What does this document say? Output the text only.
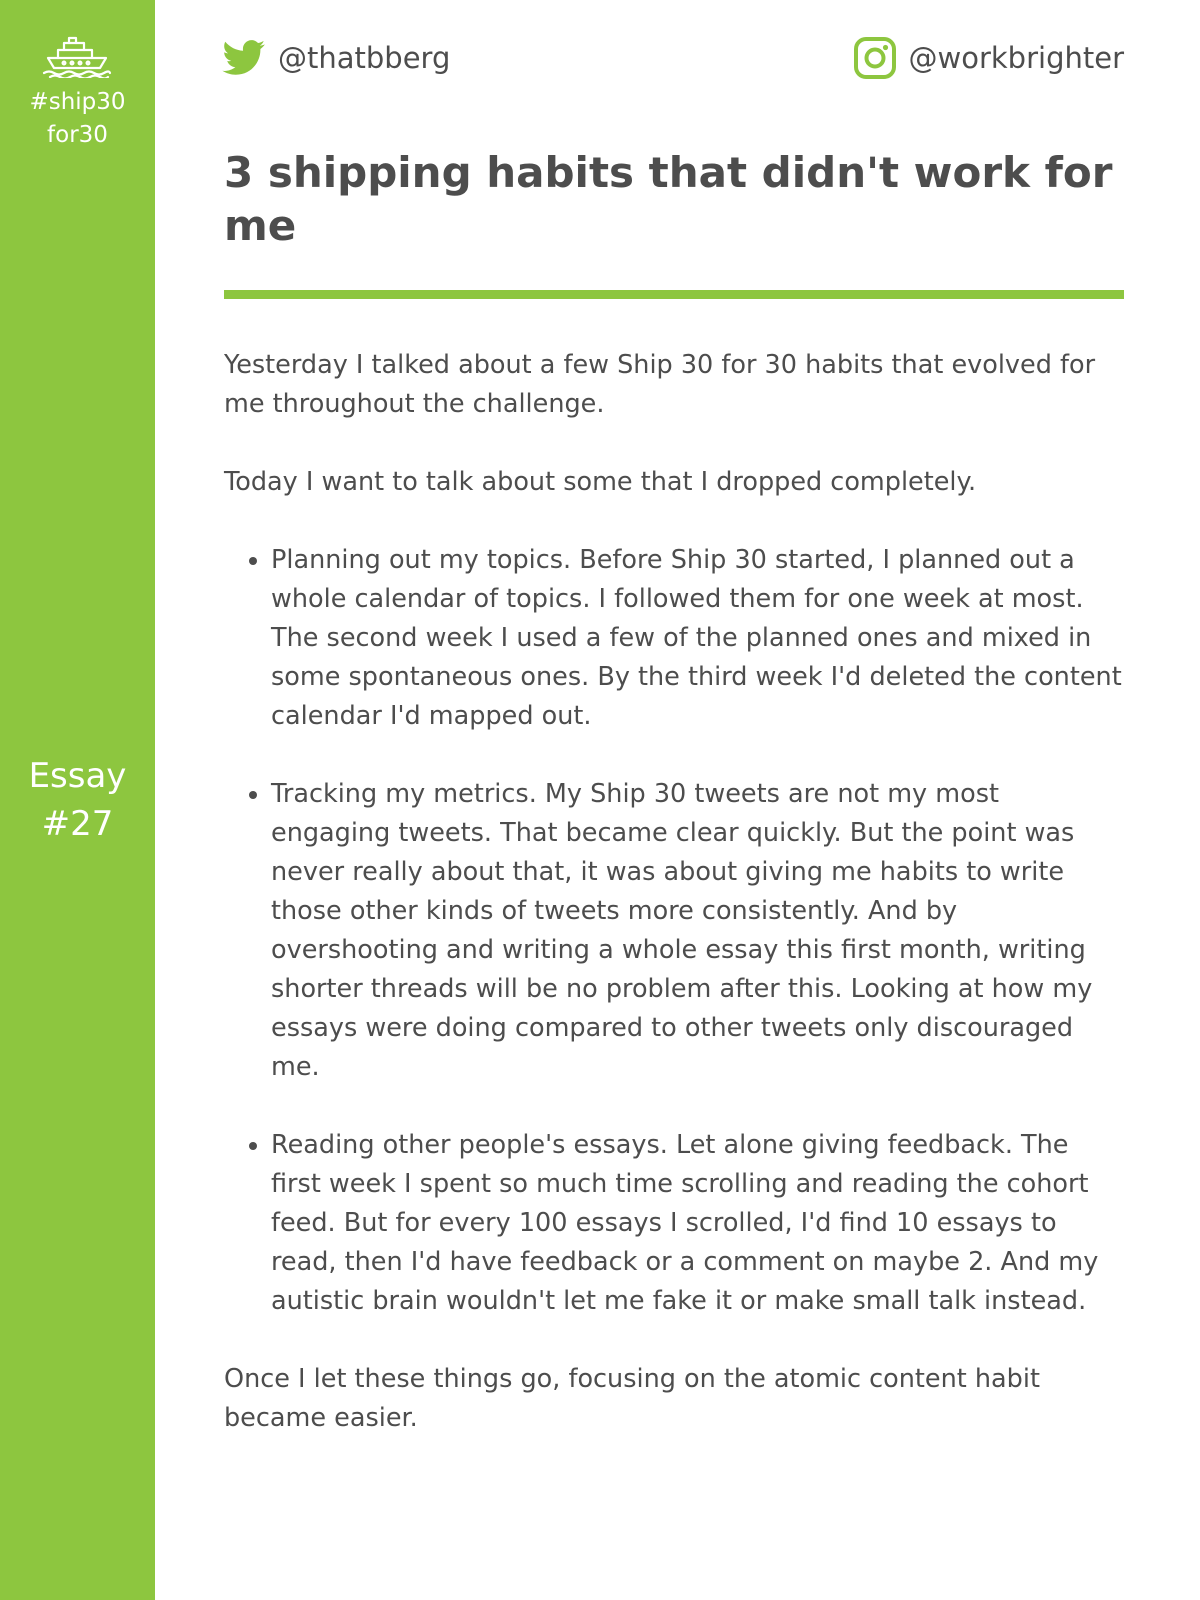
#ship30
for30
Essay
#27
@thatbberg	@workbrighter
3 shipping habits that didn't work for me

Yesterday I talked about a few Ship 30 for 30 habits that evolved for me throughout the challenge.

Today I want to talk about some that I dropped completely.

• Planning out my topics. Before Ship 30 started, I planned out a whole calendar of topics. I followed them for one week at most. The second week I used a few of the planned ones and mixed in some spontaneous ones. By the third week I'd deleted the content calendar I'd mapped out.
• Tracking my metrics. My Ship 30 tweets are not my most engaging tweets. That became clear quickly. But the point was never really about that, it was about giving me habits to write those other kinds of tweets more consistently. And by overshooting and writing a whole essay this first month, writing shorter threads will be no problem after this. Looking at how my essays were doing compared to other tweets only discouraged me.
• Reading other people's essays. Let alone giving feedback. The first week I spent so much time scrolling and reading the cohort feed. But for every 100 essays I scrolled, I'd find 10 essays to read, then I'd have feedback or a comment on maybe 2. And my autistic brain wouldn't let me fake it or make small talk instead.

Once I let these things go, focusing on the atomic content habit became easier.
